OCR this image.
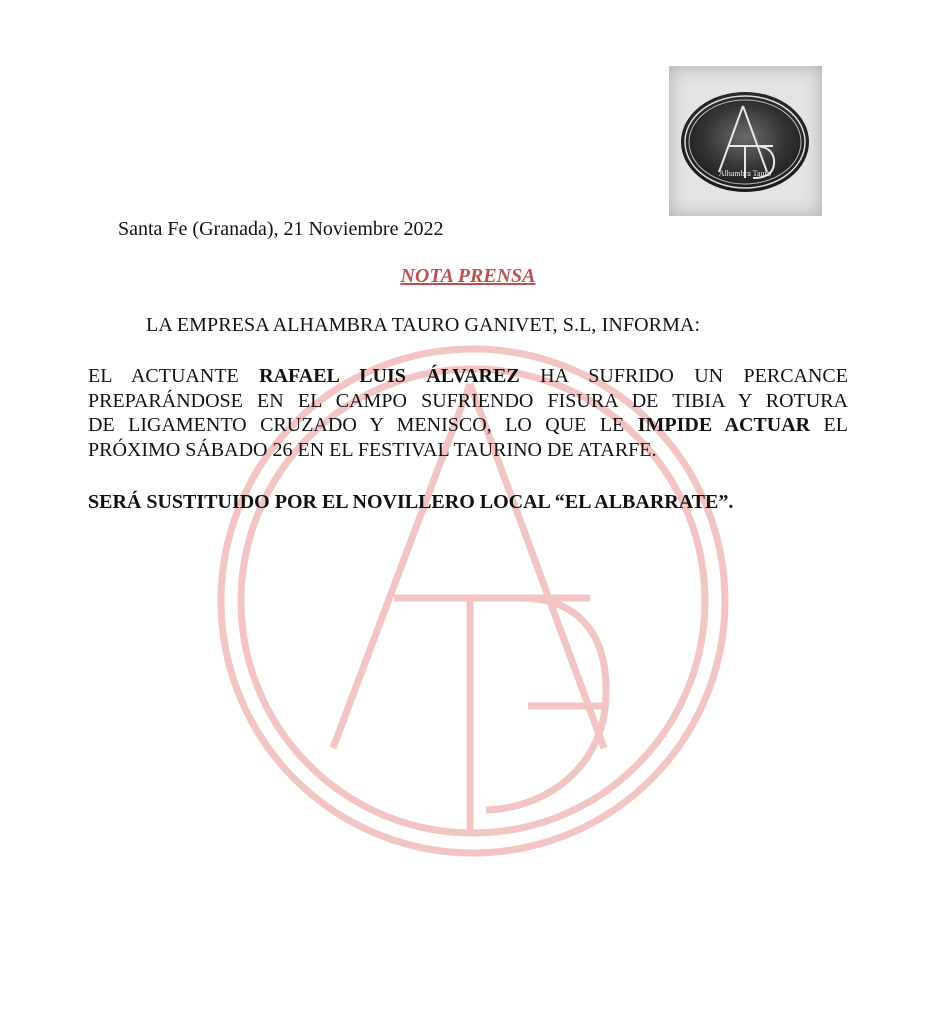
Alhambra Tauro
Santa Fe (Granada), 21 Noviembre 2022
NOTA PRENSA
LA EMPRESA ALHAMBRA TAURO GANIVET, S.L, INFORMA:
EL ACTUANTE RAFAEL LUIS ÁLVAREZ HA SUFRIDO UN PERCANCE
PREPARÁNDOSE EN EL CAMPO SUFRIENDO FISURA DE TIBIA Y ROTURA
DE LIGAMENTO CRUZADO Y MENISCO, LO QUE LE IMPIDE ACTUAR EL
PRÓXIMO SÁBADO 26 EN EL FESTIVAL TAURINO DE ATARFE.
SERÁ SUSTITUIDO POR EL NOVILLERO LOCAL “EL ALBARRATE”.
